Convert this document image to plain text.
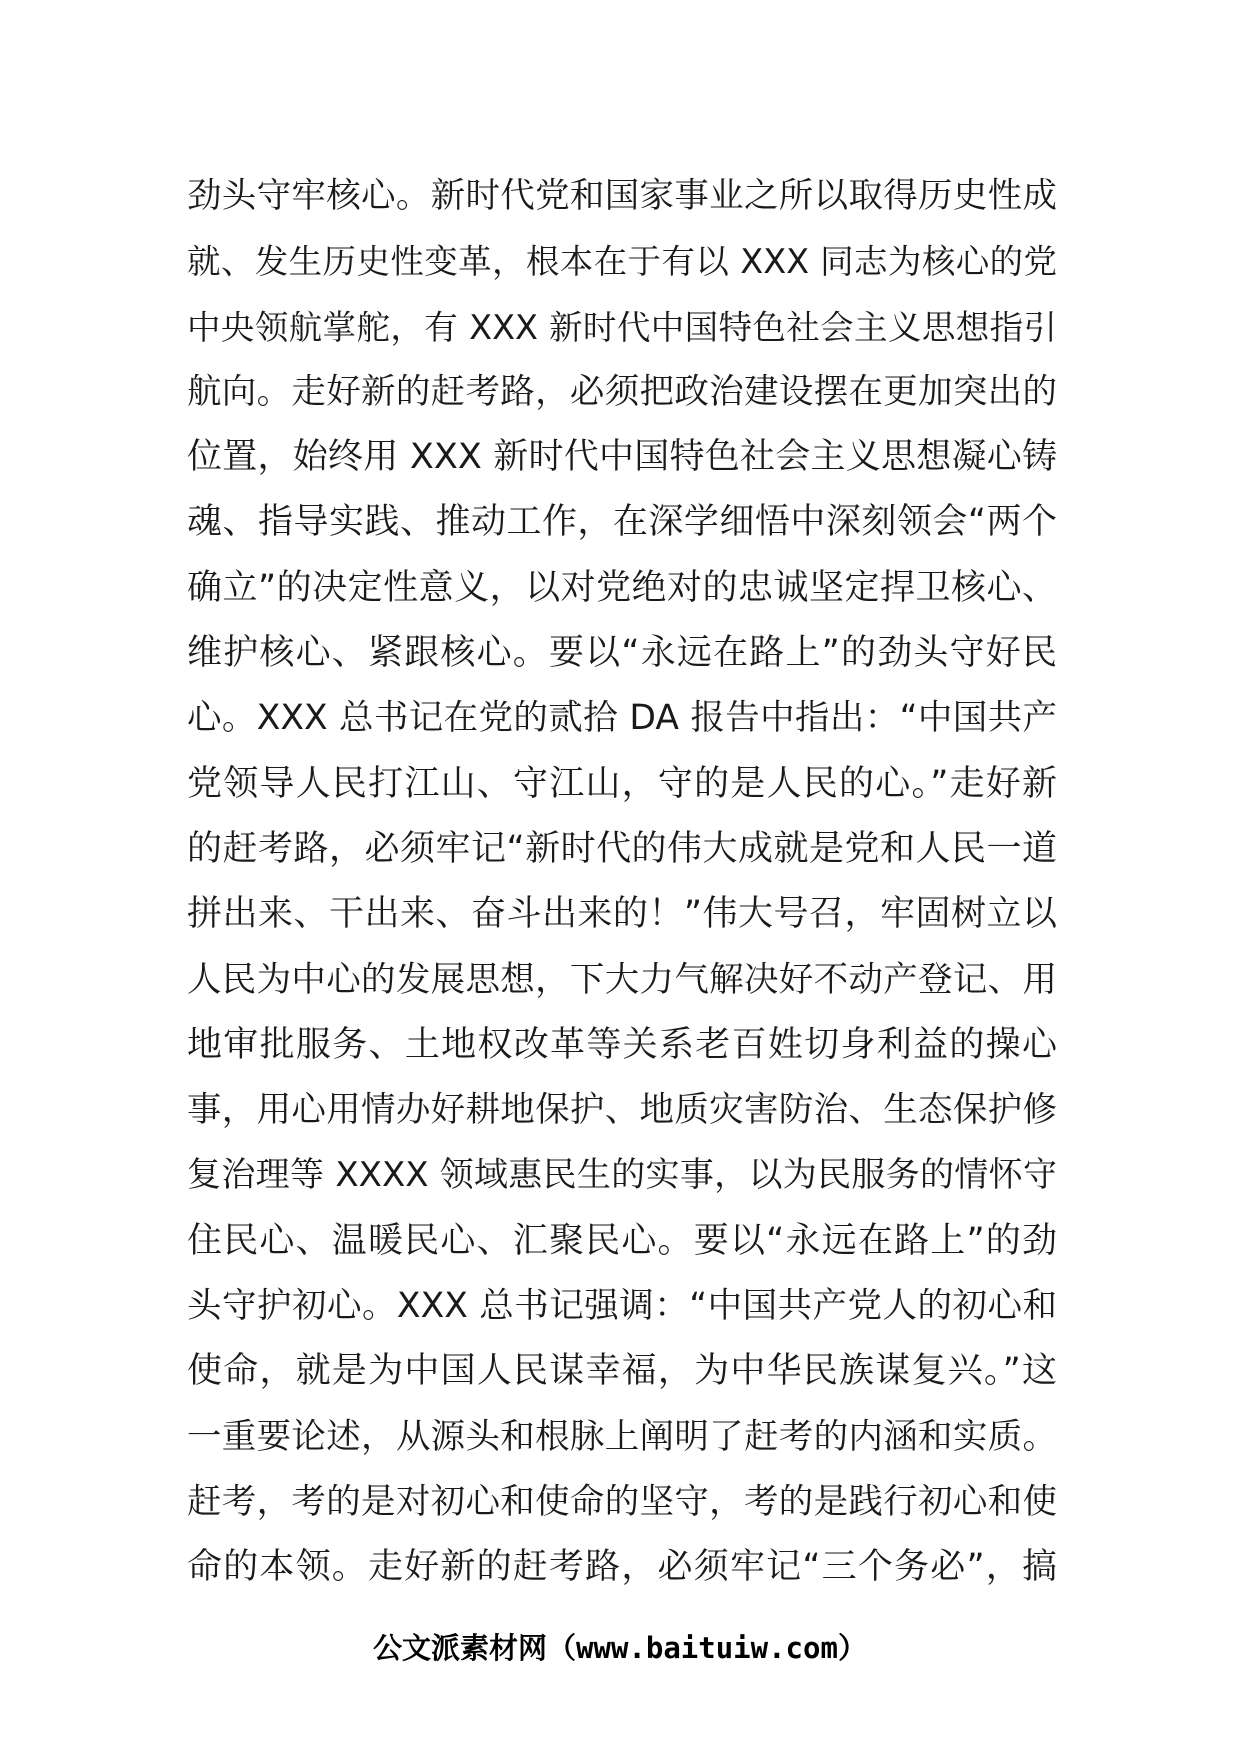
劲头守牢核心。新时代党和国家事业之所以取得历史性成
就、发生历史性变革，根本在于有以 XXX 同志为核心的党
中央领航掌舵，有 XXX 新时代中国特色社会主义思想指引
航向。走好新的赶考路，必须把政治建设摆在更加突出的
位置，始终用 XXX 新时代中国特色社会主义思想凝心铸
魂、指导实践、推动工作，在深学细悟中深刻领会“两个
确立”的决定性意义，以对党绝对的忠诚坚定捍卫核心、
维护核心、紧跟核心。要以“永远在路上”的劲头守好民
心。XXX 总书记在党的贰拾 DA 报告中指出：“中国共产
党领导人民打江山、守江山，守的是人民的心。”走好新
的赶考路，必须牢记“新时代的伟大成就是党和人民一道
拼出来、干出来、奋斗出来的！”伟大号召，牢固树立以
人民为中心的发展思想，下大力气解决好不动产登记、用
地审批服务、土地权改革等关系老百姓切身利益的操心
事，用心用情办好耕地保护、地质灾害防治、生态保护修
复治理等 XXXX 领域惠民生的实事，以为民服务的情怀守
住民心、温暖民心、汇聚民心。要以“永远在路上”的劲
头守护初心。XXX 总书记强调：“中国共产党人的初心和
使命，就是为中国人民谋幸福，为中华民族谋复兴。”这
一重要论述，从源头和根脉上阐明了赶考的内涵和实质。
赶考，考的是对初心和使命的坚守，考的是践行初心和使
命的本领。走好新的赶考路，必须牢记“三个务必”，搞
公文派素材网（www.baituiw.com）
